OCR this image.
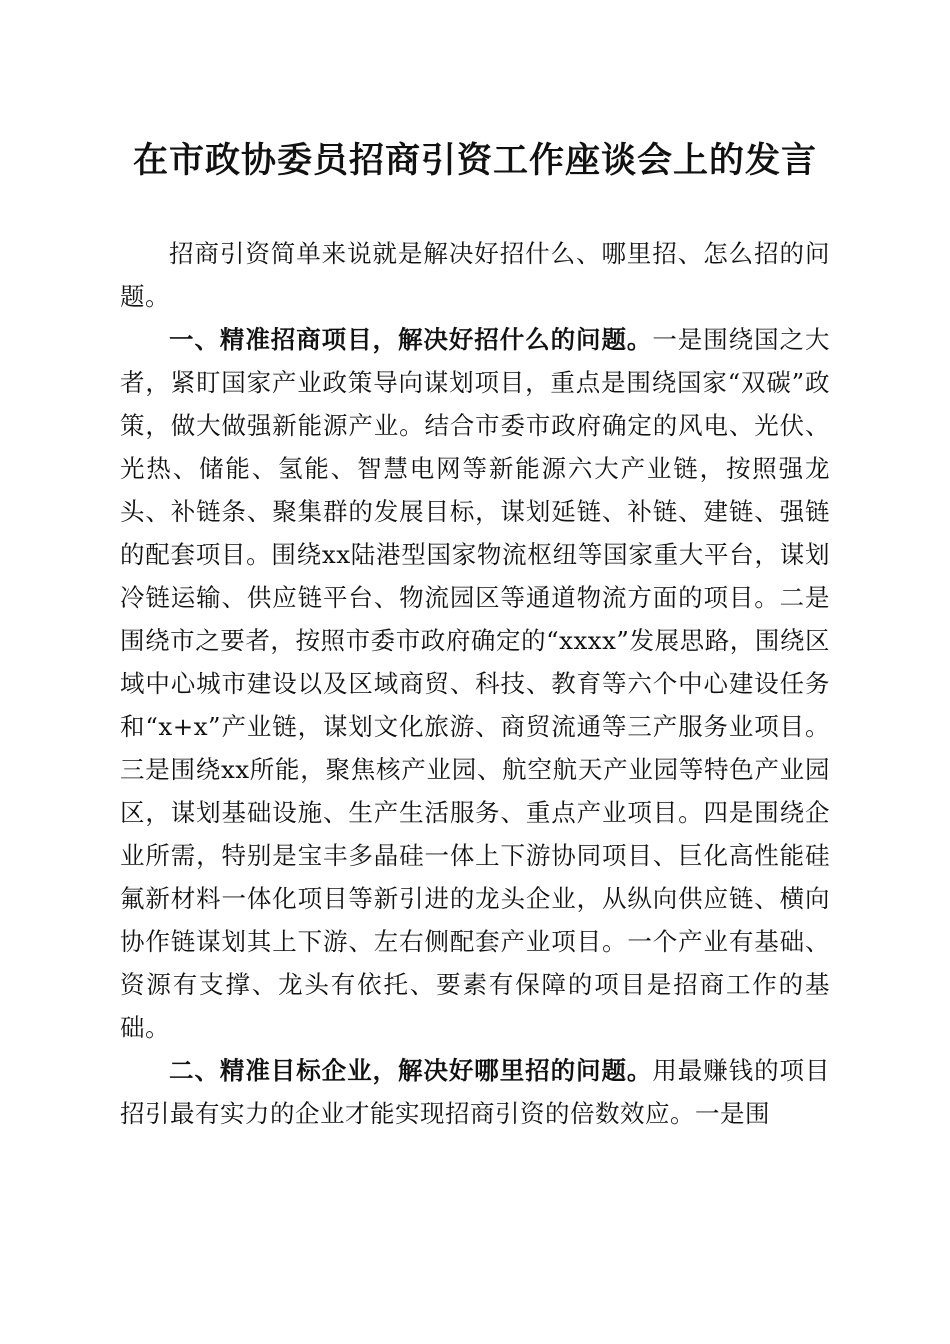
在市政协委员招商引资工作座谈会上的发言

招商引资简单来说就是解决好招什么、哪里招、怎么招的问题。

一、精准招商项目，解决好招什么的问题。一是围绕国之大者，紧盯国家产业政策导向谋划项目，重点是围绕国家“双碳”政策，做大做强新能源产业。结合市委市政府确定的风电、光伏、光热、储能、氢能、智慧电网等新能源六大产业链，按照强龙头、补链条、聚集群的发展目标，谋划延链、补链、建链、强链的配套项目。围绕xx陆港型国家物流枢纽等国家重大平台，谋划冷链运输、供应链平台、物流园区等通道物流方面的项目。二是围绕市之要者，按照市委市政府确定的“xxxx”发展思路，围绕区域中心城市建设以及区域商贸、科技、教育等六个中心建设任务和“x+x”产业链，谋划文化旅游、商贸流通等三产服务业项目。三是围绕xx所能，聚焦核产业园、航空航天产业园等特色产业园区，谋划基础设施、生产生活服务、重点产业项目。四是围绕企业所需，特别是宝丰多晶硅一体上下游协同项目、巨化高性能硅氟新材料一体化项目等新引进的龙头企业，从纵向供应链、横向协作链谋划其上下游、左右侧配套产业项目。一个产业有基础、资源有支撑、龙头有依托、要素有保障的项目是招商工作的基础。

二、精准目标企业，解决好哪里招的问题。用最赚钱的项目招引最有实力的企业才能实现招商引资的倍数效应。一是围
